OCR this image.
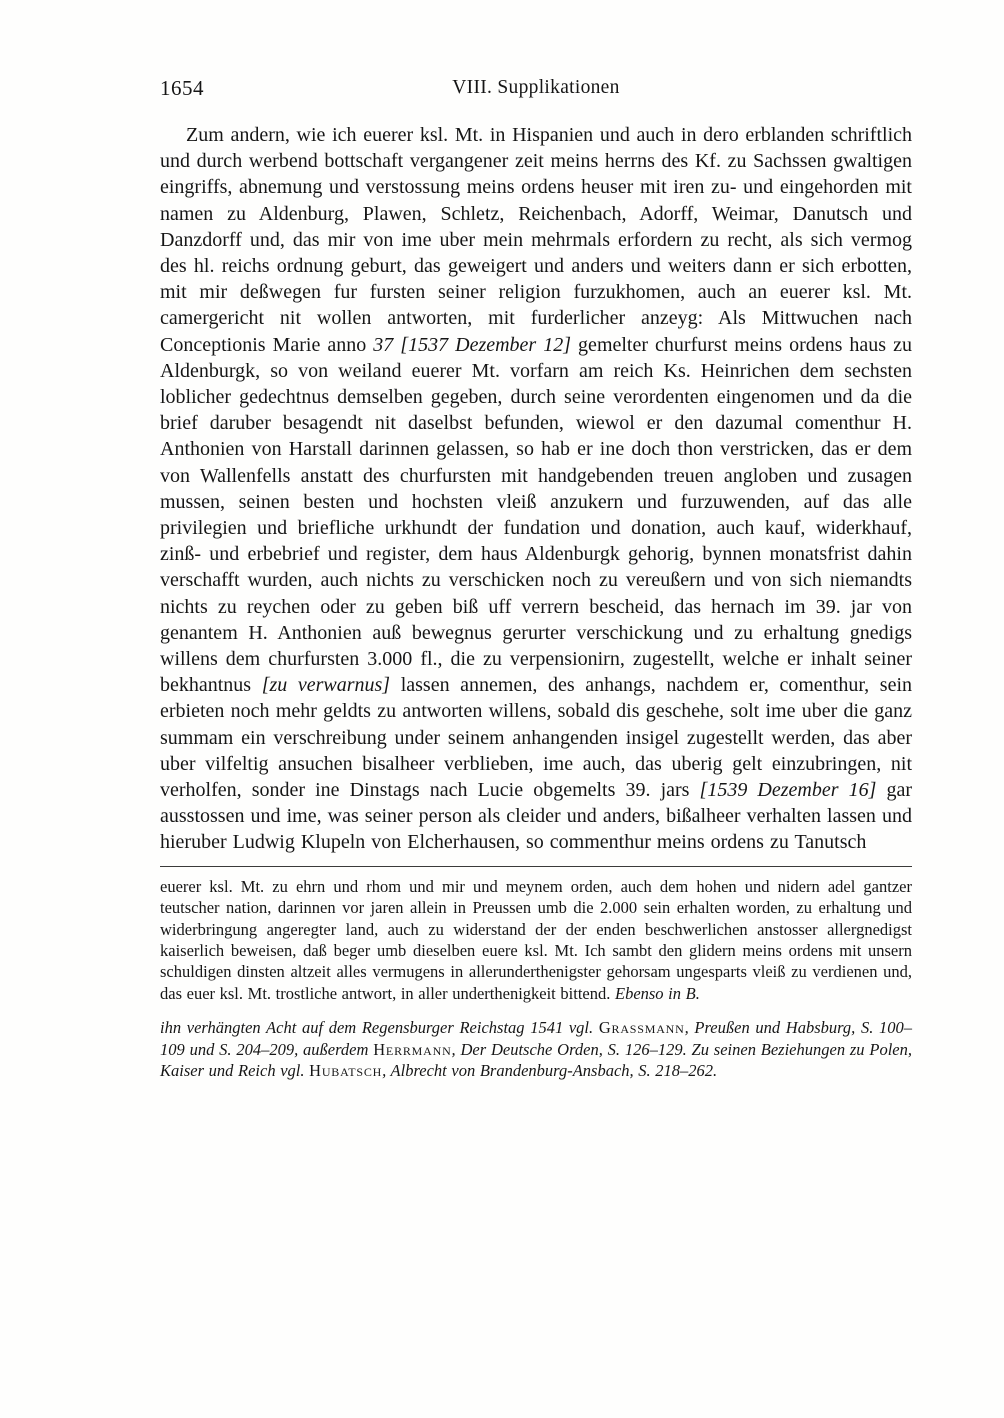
1654	VIII. Supplikationen

Zum andern, wie ich euerer ksl. Mt. in Hispanien und auch in dero erblanden schriftlich und durch werbend bottschaft vergangener zeit meins herrns des Kf. zu Sachssen gwaltigen eingriffs, abnemung und verstossung meins ordens heuser mit iren zu- und eingehorden mit namen zu Aldenburg, Plawen, Schletz, Reichenbach, Adorff, Weimar, Danutsch und Danzdorff und, das mir von ime uber mein mehrmals erfordern zu recht, als sich vermog des hl. reichs ordnung geburt, das geweigert und anders und weiters dann er sich erbotten, mit mir deßwegen fur fursten seiner religion furzukhomen, auch an euerer ksl. Mt. camergericht nit wollen antworten, mit furderlicher anzeyg: Als Mittwuchen nach Conceptionis Marie anno 37 [1537 Dezember 12] gemelter churfurst meins ordens haus zu Aldenburgk, so von weiland euerer Mt. vorfarn am reich Ks. Heinrichen dem sechsten loblicher gedechtnus demselben gegeben, durch seine verordenten eingenomen und da die brief daruber besagendt nit daselbst befunden, wiewol er den dazumal comenthur H. Anthonien von Harstall darinnen gelassen, so hab er ine doch thon verstricken, das er dem von Wallenfells anstatt des churfursten mit handgebenden treuen angloben und zusagen mussen, seinen besten und hochsten vleiß anzukern und furzuwenden, auf das alle privilegien und briefliche urkhundt der fundation und donation, auch kauf, widerkhauf, zinß- und erbebrief und register, dem haus Aldenburgk gehorig, bynnen monatsfrist dahin verschafft wurden, auch nichts zu verschicken noch zu vereußern und von sich niemandts nichts zu reychen oder zu geben biß uff verrern bescheid, das hernach im 39. jar von genantem H. Anthonien auß bewegnus gerurter verschickung und zu erhaltung gnedigs willens dem churfursten 3.000 fl., die zu verpensionirn, zugestellt, welche er inhalt seiner bekhantnus [zu verwarnus] lassen annemen, des anhangs, nachdem er, comenthur, sein erbieten noch mehr geldts zu antworten willens, sobald dis geschehe, solt ime uber die ganz summam ein verschreibung under seinem anhangenden insigel zugestellt werden, das aber uber vilfeltig ansuchen bisalheer verblieben, ime auch, das uberig gelt einzubringen, nit verholfen, sonder ine Dinstags nach Lucie obgemelts 39. jars [1539 Dezember 16] gar ausstossen und ime, was seiner person als cleider und anders, bißalheer verhalten lassen und hieruber Ludwig Klupeln von Elcherhausen, so commenthur meins ordens zu Tanutsch

euerer ksl. Mt. zu ehrn und rhom und mir und meynem orden, auch dem hohen und nidern adel gantzer teutscher nation, darinnen vor jaren allein in Preussen umb die 2.000 sein erhalten worden, zu erhaltung und widerbringung angeregter land, auch zu widerstand der der enden beschwerlichen anstosser allergnedigst kaiserlich beweisen, daß beger umb dieselben euere ksl. Mt. Ich sambt den glidern meins ordens mit unsern schuldigen dinsten altzeit alles vermugens in allerunderthenigster gehorsam ungesparts vleiß zu verdienen und, das euer ksl. Mt. trostliche antwort, in aller underthenigkeit bittend. Ebenso in B.

ihn verhängten Acht auf dem Regensburger Reichstag 1541 vgl. Grassmann, Preußen und Habsburg, S. 100–109 und S. 204–209, außerdem Herrmann, Der Deutsche Orden, S. 126–129. Zu seinen Beziehungen zu Polen, Kaiser und Reich vgl. Hubatsch, Albrecht von Brandenburg-Ansbach, S. 218–262.
